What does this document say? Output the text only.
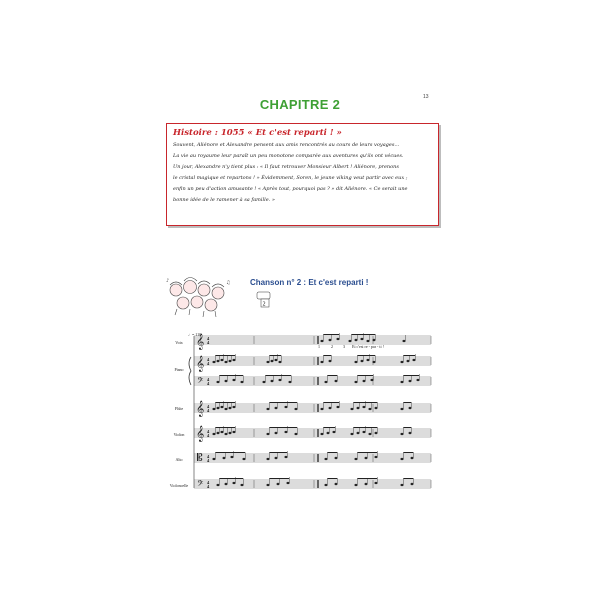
13
CHAPITRE 2
Histoire : 1055 « Et c'est reparti ! »
Souvent, Aliénore et Alexandre pensent aux amis rencontrés au cours de leurs voyages…
La vie au royaume leur paraît un peu monotone comparée aux aventures qu'ils ont vécues.
Un jour, Alexandre n'y tient plus : « Il faut retrouver Monsieur Albert ! Aliénore, prenons
le cristal magique et repartons ! » Évidemment, Soren, le jeune viking veut partir avec eux ;
enfin un peu d'action amusante ! « Après tout, pourquoi pas ? » dit Aliénore. « Ce serait une
bonne idée de le ramener à sa famille. »
Chanson n° 2 : Et c'est reparti !
♪	♫
2
♩= 110
Voix
Piano
Flûte
Violon
Alto
Violoncelle
𝄞
𝄞
𝄢
𝄞
𝄞
𝄡
𝄢
4
4
4
4
4
4
4
4
4
4
4
4
4
4
1	2	3 Et c'est re - par - ti !
